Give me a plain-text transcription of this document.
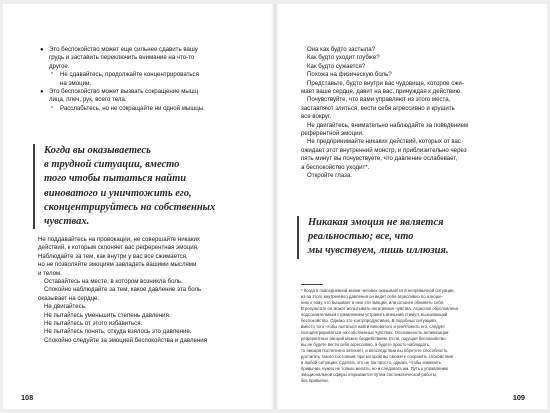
● Это беспокойство может еще сильнее сдавить вашу
грудь и заставить переключить внимание на что-то
другое.
▫ Не сдавайтесь, продолжайте концентрироваться
на эмоции.
● Это беспокойство может вызвать сокращение мышц
лица, плеч, рук, всего тела.
▫ Расслабьтесь, но не сокращайте ни одной мышцы.
Когда вы оказываетесь
в трудной ситуации, вместо
того чтобы пытаться найти
виноватого и уничтожить его,
сконцентрируйтесь на собственных
чувствах.
Не поддавайтесь на провокации, не совершайте никаких
действий, к которым склоняет вас референтная эмоция.
Наблюдайте за тем, как внутри у вас все сжимается,
но не позволяйте эмоциям завладеть вашими мыслями
и телом.
Оставайтесь на месте, в котором возникла боль.
Спокойно наблюдайте за тем, какое давление эта боль
оказывает на сердце.
Не двигайтесь.
Не пытайтесь уменьшить степень давления.
Не пытайтесь от этого избавиться.
Не пытайтесь понять, откуда взялось это давление.
Спокойно следуйте за эмоцией беспокойства и давления
108
Она как будто застыла?
Как будто уходит глубже?
Как будто сужается?
Похожа на физическую боль?
Представьте, будто внутри вас чудовище, которое сжи-
мает ваше сердце, давит на вас, принуждая к действию.
Почувствуйте, что вами управляют из этого места,
заставляют злиться, вести себя агрессивно и крушить
все вокруг.
Не двигайтесь, внимательно наблюдайте за поведением
референтной эмоции.
Не предпринимайте никаких действий, которых от вас
ожидает этот внутренний монстр, и приблизительно через
пять минут вы почувствуете, что давление ослабевает,
а беспокойство уходит*.
Откройте глаза.
Никакая эмоция не является
реальностью; все, что
мы чувствуем, лишь иллюзия.
* Когда в повседневной жизни человек оказывается в непривычной ситуации,
из-за этого внутреннего давления он ведет себя агрессивно по отноше-
нию к тому, кто вызывает в нем эти эмоции, или склонен обвинять себя.
В результате он может испытывать негативные чувства. Агрессия обусловлена
подсознательным стремлением устранить внешний стимул, вызывающий
беспокойство. Однако это контрпродуктивно. В подобных ситуациях,
вместо того чтобы пытаться найти виноватого и уничтожить его, следует
сконцентрироваться на собственных чувствах. Осознанность активизации
референтных эмоций можно бездействием. Если, ощущая беспокойство,
вы не будете вести себя агрессивно, а будете просто наблюдать,
то эмоция постепенно затихнет, и впоследствии вы обретете способность
достигать такого состояния, при котором вы сможете сохранять спокойствие
в любой ситуации. Сделать это не так просто, однако, чтобы изменить
привычки, нужно не только желать, но и следовать им. Путь к управлению
эмоциональной сферы открывается путем систематической работы,
без привычки.
109
